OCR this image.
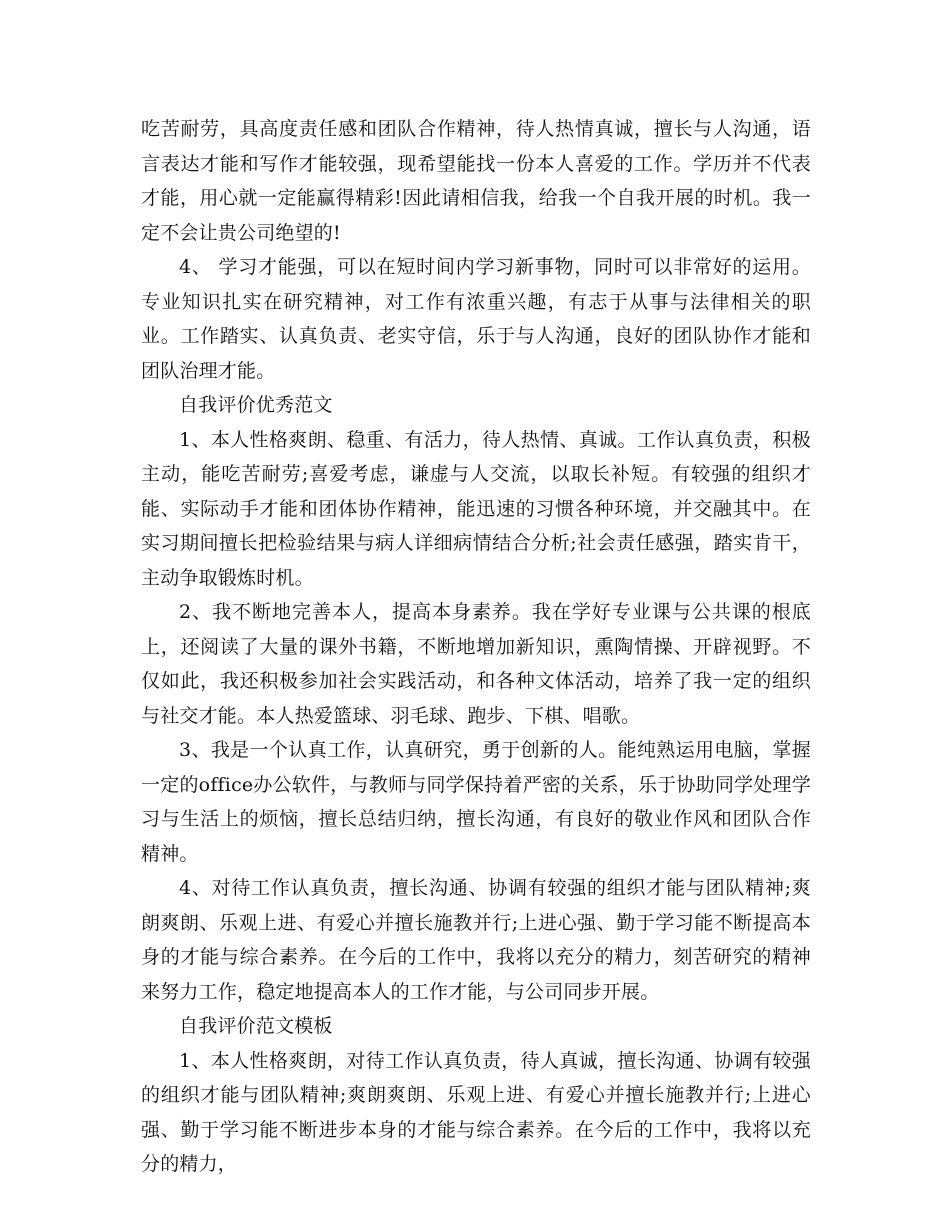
吃苦耐劳，具高度责任感和团队合作精神，待人热情真诚，擅长与人沟通，语言表达才能和写作才能较强，现希望能找一份本人喜爱的工作。学历并不代表才能，用心就一定能赢得精彩!因此请相信我，给我一个自我开展的时机。我一定不会让贵公司绝望的!

4、 学习才能强，可以在短时间内学习新事物，同时可以非常好的运用。 专业知识扎实在研究精神，对工作有浓重兴趣，有志于从事与法律相关的职业。工作踏实、认真负责、老实守信，乐于与人沟通，良好的团队协作才能和团队治理才能。

自我评价优秀范文

1、本人性格爽朗、稳重、有活力，待人热情、真诚。工作认真负责，积极主动，能吃苦耐劳;喜爱考虑，谦虚与人交流，以取长补短。有较强的组织才能、实际动手才能和团体协作精神，能迅速的习惯各种环境，并交融其中。在实习期间擅长把检验结果与病人详细病情结合分析;社会责任感强，踏实肯干，主动争取锻炼时机。

2、我不断地完善本人，提高本身素养。我在学好专业课与公共课的根底上，还阅读了大量的课外书籍，不断地增加新知识，熏陶情操、开辟视野。不仅如此，我还积极参加社会实践活动，和各种文体活动，培养了我一定的组织与社交才能。本人热爱篮球、羽毛球、跑步、下棋、唱歌。

3、我是一个认真工作，认真研究，勇于创新的人。能纯熟运用电脑，掌握一定的office办公软件，与教师与同学保持着严密的关系，乐于协助同学处理学习与生活上的烦恼，擅长总结归纳，擅长沟通，有良好的敬业作风和团队合作精神。

4、对待工作认真负责，擅长沟通、协调有较强的组织才能与团队精神;爽朗爽朗、乐观上进、有爱心并擅长施教并行;上进心强、勤于学习能不断提高本身的才能与综合素养。在今后的工作中，我将以充分的精力，刻苦研究的精神来努力工作，稳定地提高本人的工作才能，与公司同步开展。

自我评价范文模板

1、本人性格爽朗，对待工作认真负责，待人真诚，擅长沟通、协调有较强的组织才能与团队精神;爽朗爽朗、乐观上进、有爱心并擅长施教并行;上进心强、勤于学习能不断进步本身的才能与综合素养。在今后的工作中，我将以充分的精力，
